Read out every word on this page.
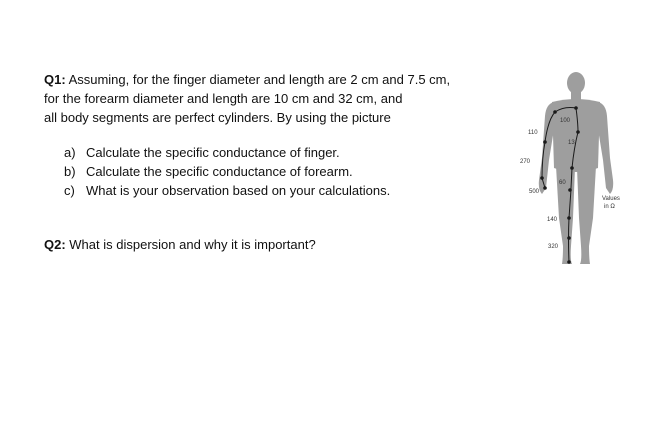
Q1: Assuming, for the finger diameter and length are 2 cm and 7.5 cm,
for the forearm diameter and length are 10 cm and 32 cm, and
all body segments are perfect cylinders. By using the picture
a) Calculate the specific conductance of finger.
b) Calculate the specific conductance of forearm.
c) What is your observation based on your calculations.
Q2: What is dispersion and why it is important?
100
110
13
270
500
60
140
320
Values
in Ω
